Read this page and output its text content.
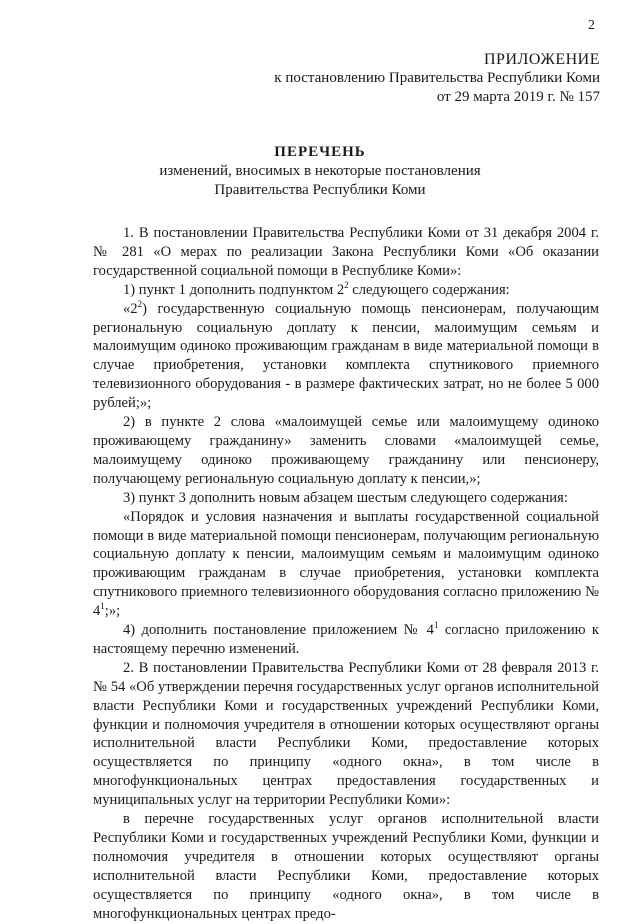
2
ПРИЛОЖЕНИЕ
к постановлению Правительства Республики Коми
от 29 марта 2019 г. № 157
ПЕРЕЧЕНЬ
изменений, вносимых в некоторые постановления
Правительства Республики Коми

1. В постановлении Правительства Республики Коми от 31 декабря 2004 г. № 281 «О мерах по реализации Закона Республики Коми «Об оказании государственной социальной помощи в Республике Коми»:

1) пункт 1 дополнить подпунктом $2^2$ следующего содержания:

«$2^2$) государственную социальную помощь пенсионерам, получающим региональную социальную доплату к пенсии, малоимущим семьям и малоимущим одиноко проживающим гражданам в виде материальной помощи в случае приобретения, установки комплекта спутникового приемного телевизионного оборудования - в размере фактических затрат, но не более 5 000 рублей;»;

2) в пункте 2 слова «малоимущей семье или малоимущему одиноко проживающему гражданину» заменить словами «малоимущей семье, малоимущему одиноко проживающему гражданину или пенсионеру, получающему региональную социальную доплату к пенсии,»;

3) пункт 3 дополнить новым абзацем шестым следующего содержания:

«Порядок и условия назначения и выплаты государственной социальной помощи в виде материальной помощи пенсионерам, получающим региональную социальную доплату к пенсии, малоимущим семьям и малоимущим одиноко проживающим гражданам в случае приобретения, установки комплекта спутникового приемного телевизионного оборудования согласно приложению № $4^1$;»;

4) дополнить постановление приложением № $4^1$ согласно приложению к настоящему перечню изменений.

2. В постановлении Правительства Республики Коми от 28 февраля 2013 г. № 54 «Об утверждении перечня государственных услуг органов исполнительной власти Республики Коми и государственных учреждений Республики Коми, функции и полномочия учредителя в отношении которых осуществляют органы исполнительной власти Республики Коми, предоставление которых осуществляется по принципу «одного окна», в том числе в многофункциональных центрах предоставления государственных и муниципальных услуг на территории Республики Коми»:

в перечне государственных услуг органов исполнительной власти Республики Коми и государственных учреждений Республики Коми, функции и полномочия учредителя в отношении которых осуществляют органы исполнительной власти Республики Коми, предоставление которых осуществляется по принципу «одного окна», в том числе в многофункциональных центрах предо-
